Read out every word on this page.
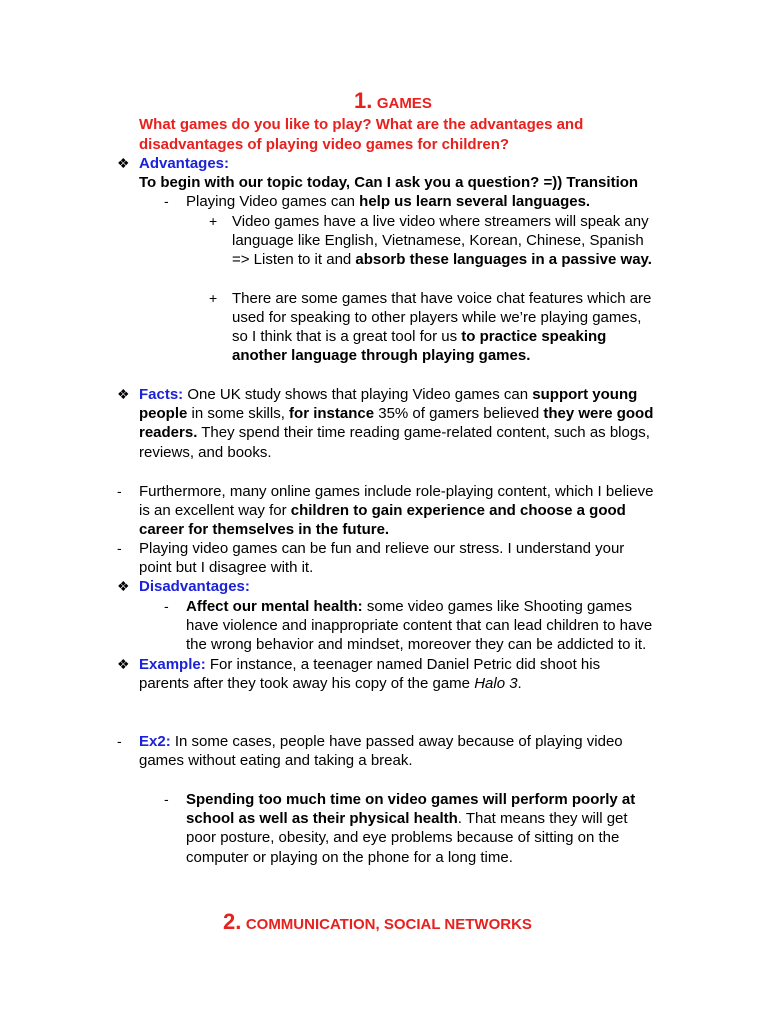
1. GAMES
What games do you like to play? What are the advantages and
disadvantages of playing video games for children?
❖ Advantages:
To begin with our topic today, Can I ask you a question? =)) Transition
- Playing Video games can help us learn several languages.
+ Video games have a live video where streamers will speak any
language like English, Vietnamese, Korean, Chinese, Spanish
=> Listen to it and absorb these languages in a passive way.
+ There are some games that have voice chat features which are
used for speaking to other players while we’re playing games,
so I think that is a great tool for us to practice speaking
another language through playing games.
❖ Facts: One UK study shows that playing Video games can support young
people in some skills, for instance 35% of gamers believed they were good
readers. They spend their time reading game-related content, such as blogs,
reviews, and books.
- Furthermore, many online games include role-playing content, which I believe
is an excellent way for children to gain experience and choose a good
career for themselves in the future.
- Playing video games can be fun and relieve our stress. I understand your
point but I disagree with it.
❖ Disadvantages:
- Affect our mental health: some video games like Shooting games
have violence and inappropriate content that can lead children to have
the wrong behavior and mindset, moreover they can be addicted to it.
❖ Example: For instance, a teenager named Daniel Petric did shoot his
parents after they took away his copy of the game Halo 3.
- Ex2: In some cases, people have passed away because of playing video
games without eating and taking a break.
- Spending too much time on video games will perform poorly at
school as well as their physical health. That means they will get
poor posture, obesity, and eye problems because of sitting on the
computer or playing on the phone for a long time.
2. COMMUNICATION, SOCIAL NETWORKS
